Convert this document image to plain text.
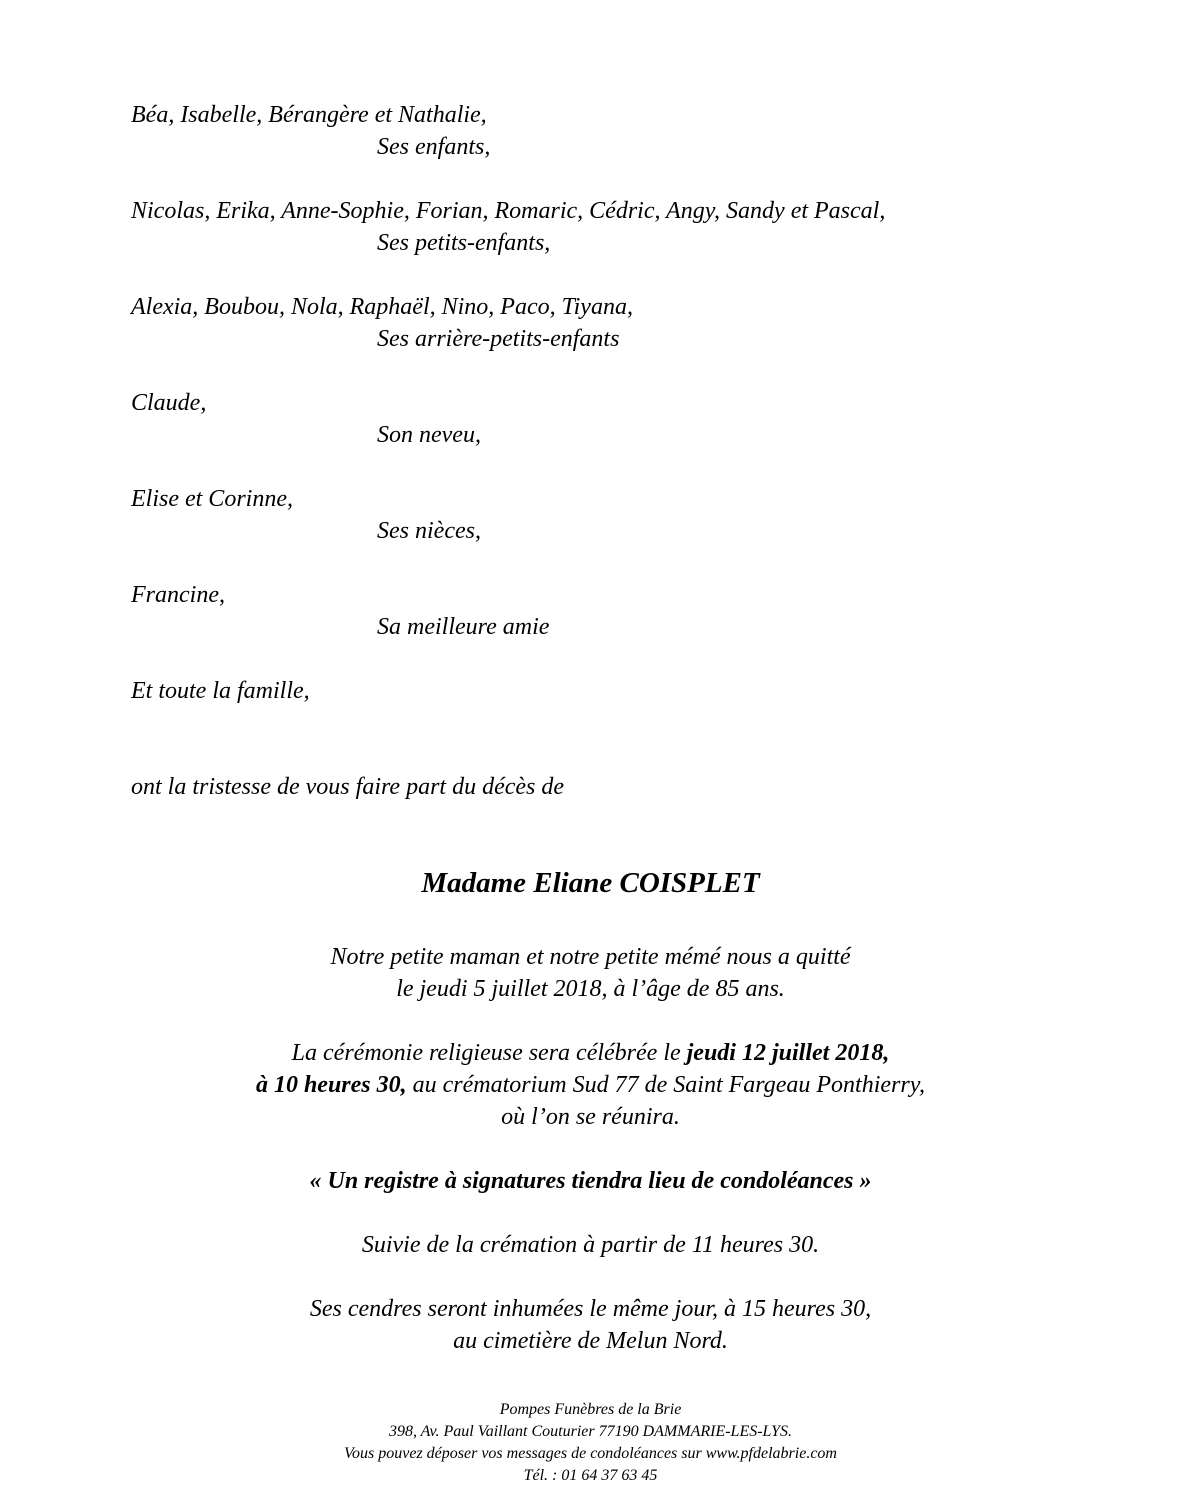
Béa, Isabelle, Bérangère et Nathalie,
Ses enfants,
Nicolas, Erika, Anne-Sophie, Forian, Romaric, Cédric, Angy, Sandy et Pascal,
Ses petits-enfants,
Alexia, Boubou, Nola, Raphaël, Nino, Paco, Tiyana,
Ses arrière-petits-enfants
Claude,
Son neveu,
Elise et Corinne,
Ses nièces,
Francine,
Sa meilleure amie
Et toute la famille,
ont la tristesse de vous faire part du décès de
Madame Eliane COISPLET
Notre petite maman et notre petite mémé nous a quitté
le jeudi 5 juillet 2018, à l’âge de 85 ans.
La cérémonie religieuse sera célébrée le jeudi 12 juillet 2018,
à 10 heures 30, au crématorium Sud 77 de Saint Fargeau Ponthierry,
où l’on se réunira.
« Un registre à signatures tiendra lieu de condoléances »
Suivie de la crémation à partir de 11 heures 30.
Ses cendres seront inhumées le même jour, à 15 heures 30,
au cimetière de Melun Nord.
Pompes Funèbres de la Brie
398, Av. Paul Vaillant Couturier 77190 DAMMARIE-LES-LYS.
Vous pouvez déposer vos messages de condoléances sur www.pfdelabrie.com
Tél. : 01 64 37 63 45
